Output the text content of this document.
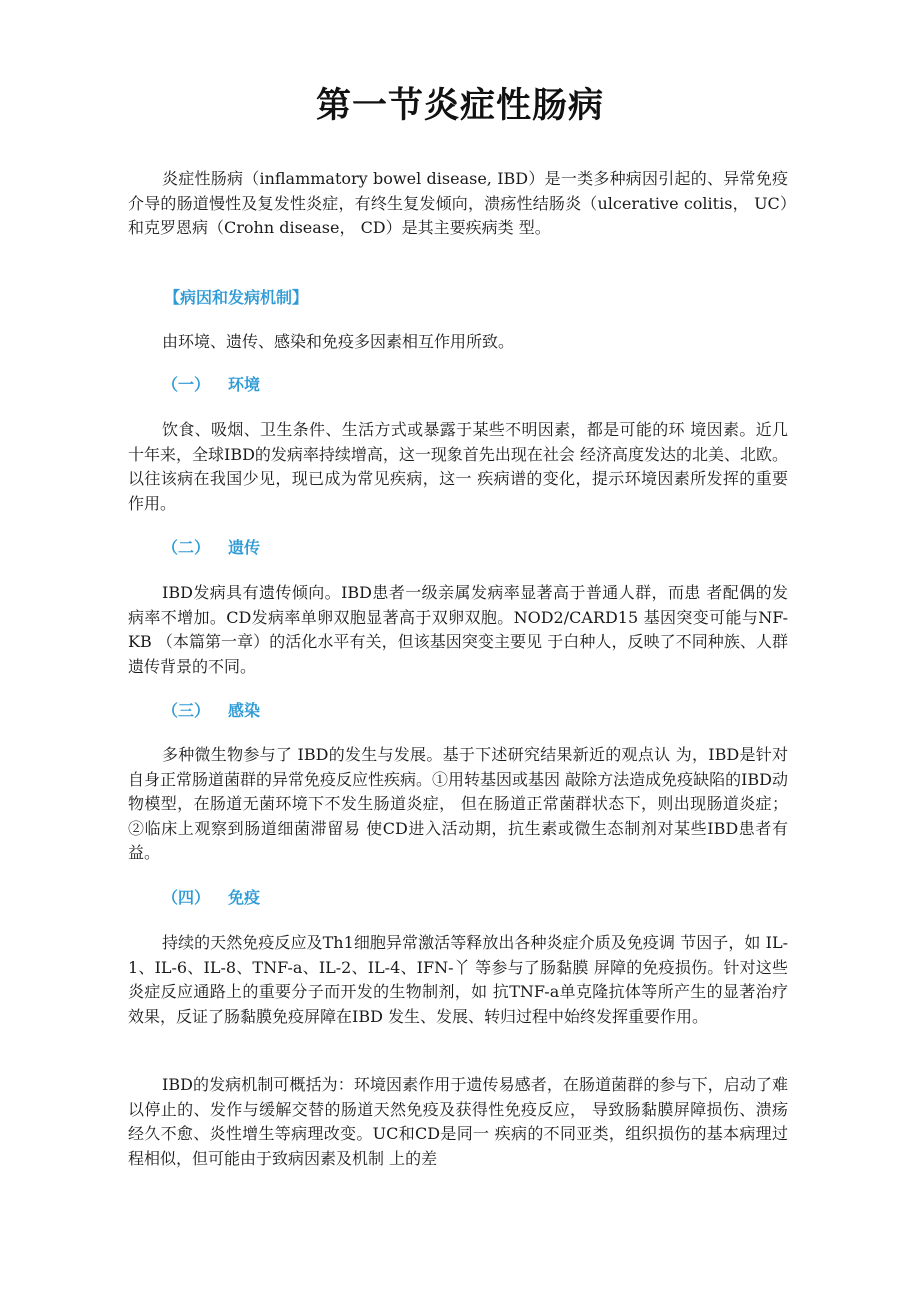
第一节炎症性肠病

炎症性肠病（inflammatory bowel disease, IBD）是一类多种病因引起的、异常免疫介导的肠道慢性及复发性炎症，有终生复发倾向，溃疡性结肠炎（ulcerative colitis， UC）和克罗恩病（Crohn disease， CD）是其主要疾病类 型。

【病因和发病机制】

由环境、遗传、感染和免疫多因素相互作用所致。

（一） 环境

饮食、吸烟、卫生条件、生活方式或暴露于某些不明因素，都是可能的环 境因素。近几十年来，全球IBD的发病率持续增高，这一现象首先出现在社会 经济高度发达的北美、北欧。以往该病在我国少见，现已成为常见疾病，这一 疾病谱的变化，提示环境因素所发挥的重要作用。

（二） 遗传

IBD发病具有遗传倾向。IBD患者一级亲属发病率显著高于普通人群，而患 者配偶的发病率不增加。CD发病率单卵双胞显著高于双卵双胞。NOD2/CARD15 基因突变可能与NF-KB （本篇第一章）的活化水平有关，但该基因突变主要见 于白种人，反映了不同种族、人群遗传背景的不同。

（三） 感染

多种微生物参与了 IBD的发生与发展。基于下述研究结果新近的观点认 为，IBD是针对自身正常肠道菌群的异常免疫反应性疾病。①用转基因或基因 敲除方法造成免疫缺陷的IBD动物模型，在肠道无菌环境下不发生肠道炎症， 但在肠道正常菌群状态下，则出现肠道炎症；②临床上观察到肠道细菌滞留易 使CD进入活动期，抗生素或微生态制剂对某些IBD患者有益。

（四） 免疫

持续的天然免疫反应及Th1细胞异常激活等释放出各种炎症介质及免疫调 节因子，如 IL-1、IL-6、IL-8、TNF-a、IL-2、IL-4、IFN-丫 等参与了肠黏膜 屏障的免疫损伤。针对这些炎症反应通路上的重要分子而开发的生物制剂，如 抗TNF-a单克隆抗体等所产生的显著治疗效果，反证了肠黏膜免疫屏障在IBD 发生、发展、转归过程中始终发挥重要作用。

IBD的发病机制可概括为：环境因素作用于遗传易感者，在肠道菌群的参与下，启动了难以停止的、发作与缓解交替的肠道天然免疫及获得性免疫反应， 导致肠黏膜屏障损伤、溃疡经久不愈、炎性增生等病理改变。UC和CD是同一 疾病的不同亚类，组织损伤的基本病理过程相似，但可能由于致病因素及机制 上的差
